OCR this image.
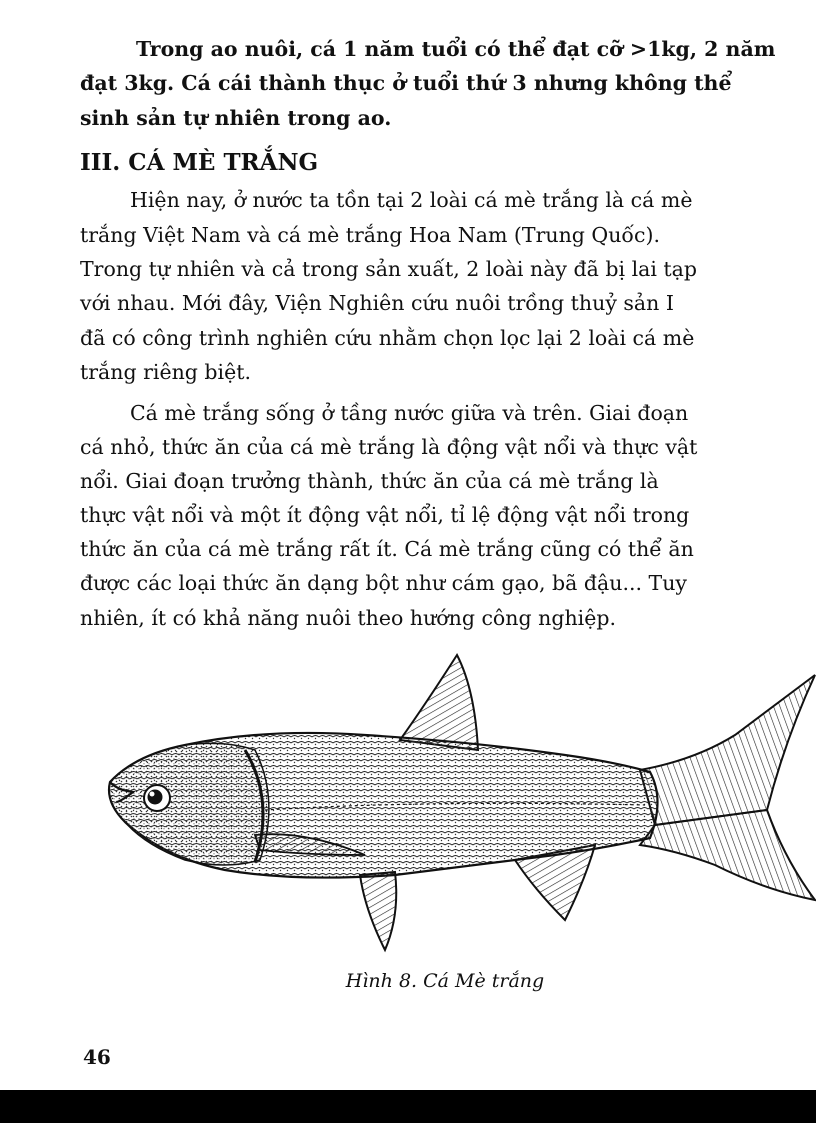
Trong ao nuôi, cá 1 năm tuổi có thể đạt cỡ >1kg, 2 năm
đạt 3kg. Cá cái thành thục ở tuổi thứ 3 nhưng không thể
sinh sản tự nhiên trong ao.
III. CÁ MÈ TRẮNG
Hiện nay, ở nước ta tồn tại 2 loài cá mè trắng là cá mè
trắng Việt Nam và cá mè trắng Hoa Nam (Trung Quốc).
Trong tự nhiên và cả trong sản xuất, 2 loài này đã bị lai tạp
với nhau. Mới đây, Viện Nghiên cứu nuôi trồng thuỷ sản I
đã có công trình nghiên cứu nhằm chọn lọc lại 2 loài cá mè
trắng riêng biệt.
Cá mè trắng sống ở tầng nước giữa và trên. Giai đoạn
cá nhỏ, thức ăn của cá mè trắng là động vật nổi và thực vật
nổi. Giai đoạn trưởng thành, thức ăn của cá mè trắng là
thực vật nổi và một ít động vật nổi, tỉ lệ động vật nổi trong
thức ăn của cá mè trắng rất ít. Cá mè trắng cũng có thể ăn
được các loại thức ăn dạng bột như cám gạo, bã đậu... Tuy
nhiên, ít có khả năng nuôi theo hướng công nghiệp.
Hình 8. Cá Mè trắng
46
